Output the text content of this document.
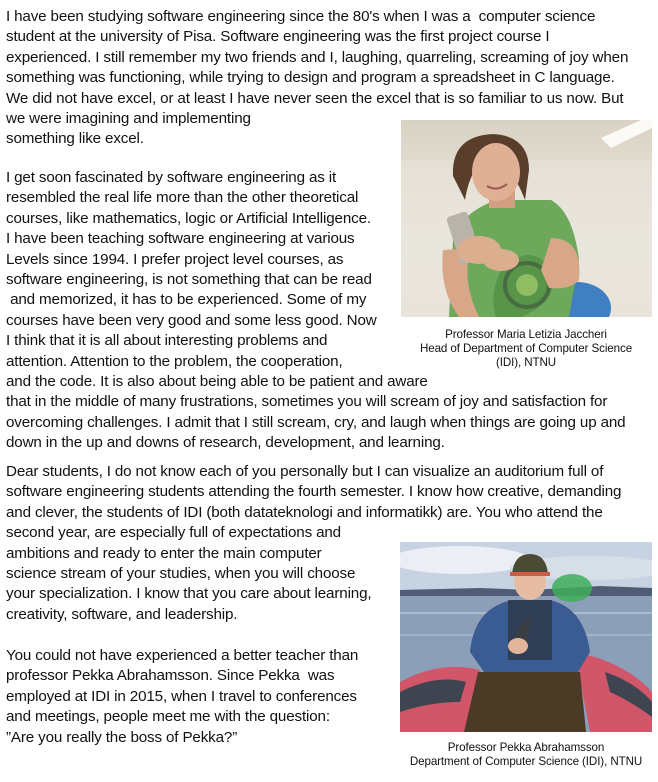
I have been studying software engineering since the 80's when I was a  computer science
student at the university of Pisa. Software engineering was the first project course I
experienced. I still remember my two friends and I, laughing, quarreling, screaming of joy when
something was functioning, while trying to design and program a spreadsheet in C language.
We did not have excel, or at least I have never seen the excel that is so familiar to us now. But
we were imagining and implementing
something like excel.
I get soon fascinated by software engineering as it
resembled the real life more than the other theoretical
courses, like mathematics, logic or Artificial Intelligence.
I have been teaching software engineering at various
Levels since 1994. I prefer project level courses, as
software engineering, is not something that can be read
and memorized, it has to be experienced. Some of my
courses have been very good and some less good. Now
I think that it is all about interesting problems and
attention. Attention to the problem, the cooperation,
and the code. It is also about being able to be patient and aware
that in the middle of many frustrations, sometimes you will scream of joy and satisfaction for
overcoming challenges. I admit that I still scream, cry, and laugh when things are going up and
down in the up and downs of research, development, and learning.
Dear students, I do not know each of you personally but I can visualize an auditorium full of
software engineering students attending the fourth semester. I know how creative, demanding
and clever, the students of IDI (both datateknologi and informatikk) are. You who attend the
second year, are especially full of expectations and
ambitions and ready to enter the main computer
science stream of your studies, when you will choose
your specialization. I know that you care about learning,
creativity, software, and leadership.
You could not have experienced a better teacher than
professor Pekka Abrahamsson. Since Pekka  was
employed at IDI in 2015, when I travel to conferences
and meetings, people meet me with the question:
”Are you really the boss of Pekka?”
Professor Maria Letizia Jaccheri
Head of Department of Computer Science
(IDI), NTNU
Professor Pekka Abrahamsson
Department of Computer Science (IDI), NTNU
